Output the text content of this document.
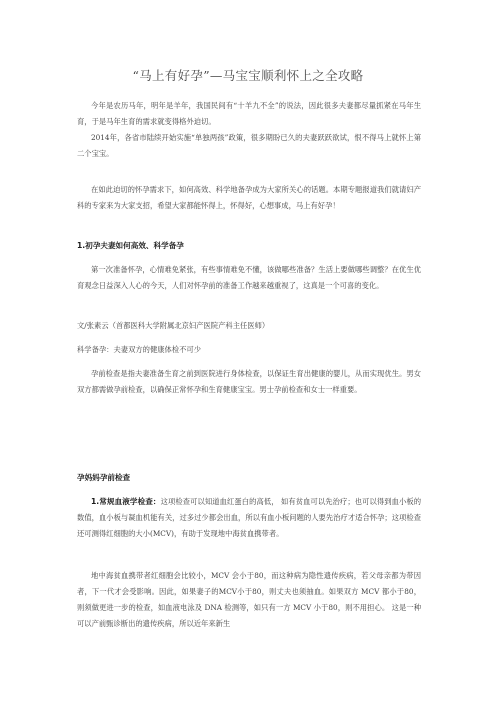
“马上有好孕”—马宝宝顺利怀上之全攻略
今年是农历马年，明年是羊年，我国民间有“十羊九不全”的说法，因此很多夫妻都尽量抓紧在马年生育，于是马年生育的需求就变得格外迫切。
2014年，各省市陆续开始实施“单独两孩”政策，很多期盼已久的夫妻跃跃欲试，恨不得马上就怀上第二个宝宝。
在如此迫切的怀孕需求下，如何高效、科学地备孕成为大家所关心的话题。本期专题报道我们就请妇产科的专家来为大家支招，希望大家都能怀得上，怀得好，心想事成，马上有好孕！
1.初孕夫妻如何高效、科学备孕
第一次准备怀孕，心情难免紧张，有些事情难免不懂，该做哪些准备？生活上要做哪些调整？在优生优育观念日益深入人心的今天，人们对怀孕前的准备工作越来越重视了，这真是一个可喜的变化。
文/张素云（首都医科大学附属北京妇产医院产科主任医师）
科学备孕：夫妻双方的健康体检不可少
孕前检查是指夫妻准备生育之前到医院进行身体检查，以保证生育出健康的婴儿，从而实现优生。男女双方都需做孕前检查，以确保正常怀孕和生育健康宝宝。男士孕前检查和女士一样重要。
孕妈妈孕前检查
1.常规血液学检查：这项检查可以知道血红蛋白的高低， 如有贫血可以先治疗；也可以得到血小板的数值，血小板与凝血机能有关，过多过少都会出血，所以有血小板问题的人要先治疗才适合怀孕；这项检查还可测得红细胞的大小(MCV)，有助于发现地中海贫血携带者。
地中海贫血携带者红细胞会比较小，MCV 会小于80，而这种病为隐性遗传疾病，若父母亲都为带因者，下一代才会受影响。因此，如果妻子的MCV小于80，则丈夫也须抽血。如果双方 MCV 都小于80，则须做更进一步的检查，如血液电泳及 DNA 检测等，如只有一方 MCV 小于80，则不用担心。 这是一种可以产前甄诊断出的遗传疾病，所以近年来新生
